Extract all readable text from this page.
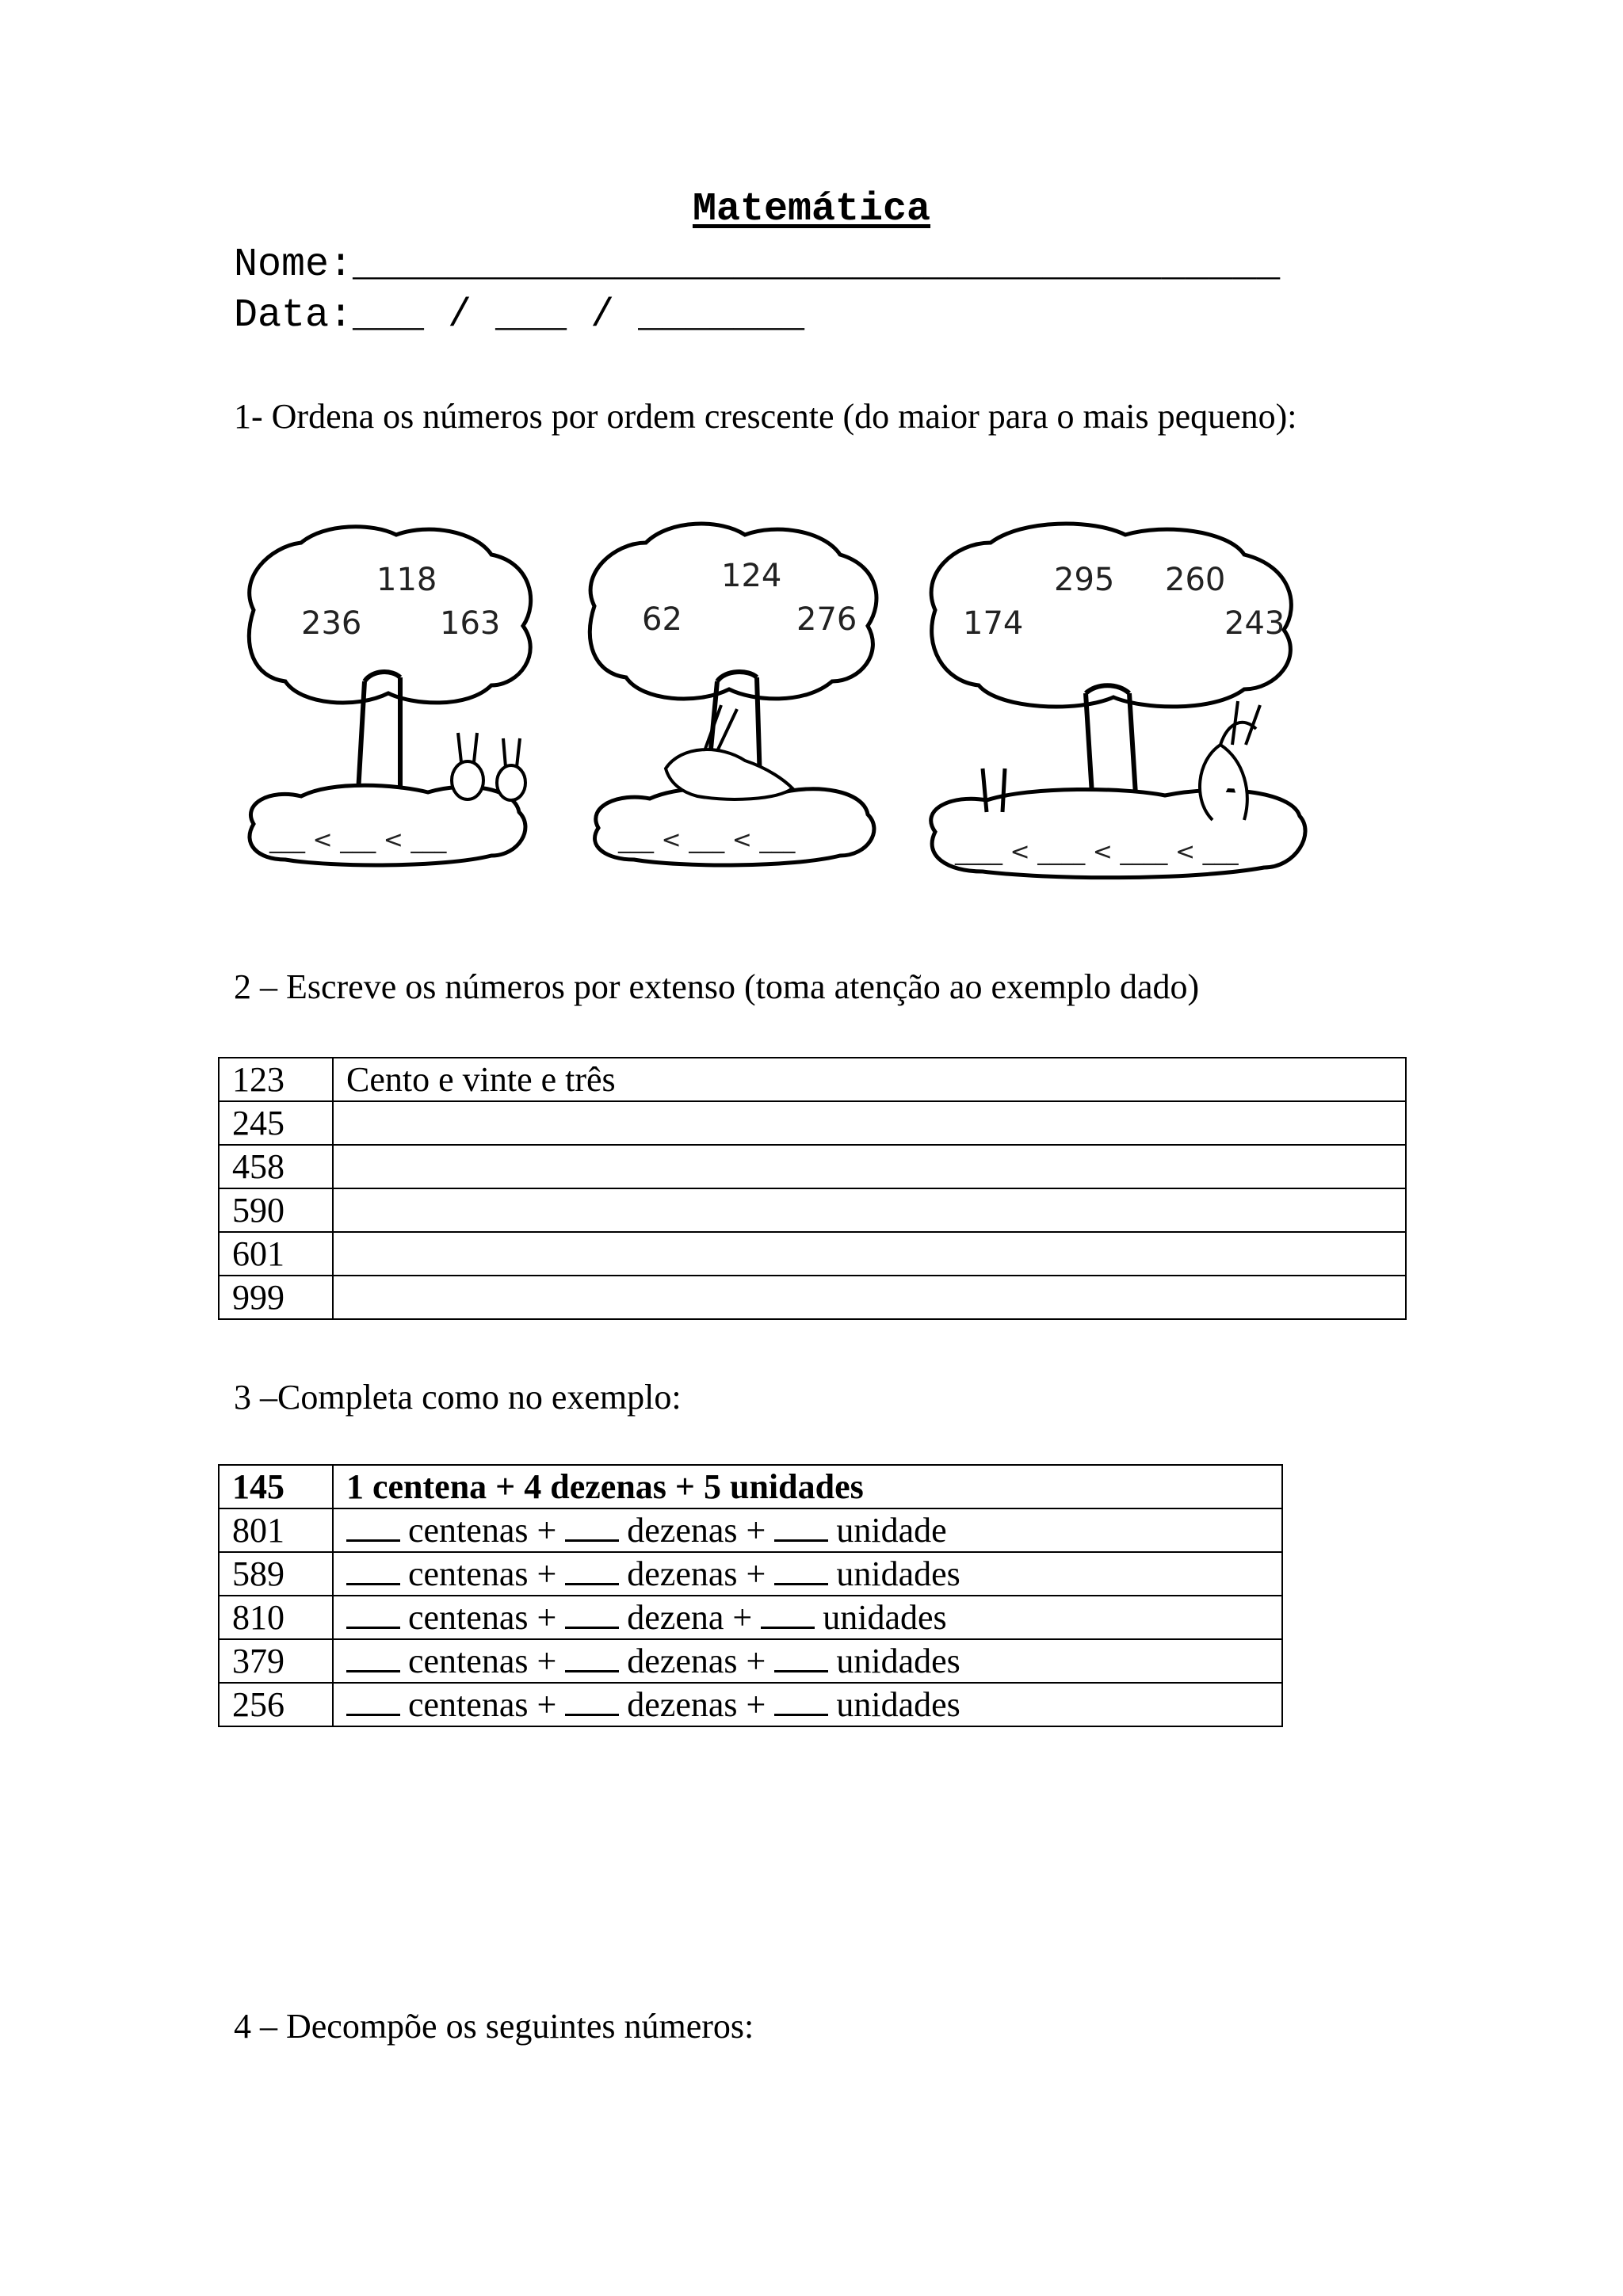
Matemática
Nome:_______________________________________
Data:___ / ___ / _______
1- Ordena os números por ordem crescente (do maior para o mais pequeno):
118
236 163
___ < ___ < ___
124
62	276
___ < ___ < ___
295 260
174	243
____ < ____ < ____ < ___
2 – Escreve os números por extenso (toma atenção ao exemplo dado)
123	Cento e vinte e três
245	
458	
590	
601	
999	
3 –Completa como no exemplo:
145	1 centena + 4 dezenas + 5 unidades
801	centenas + dezenas + unidade
589	centenas + dezenas + unidades
810	centenas + dezena + unidades
379	centenas + dezenas + unidades
256	centenas + dezenas + unidades
4 – Decompõe os seguintes números:
